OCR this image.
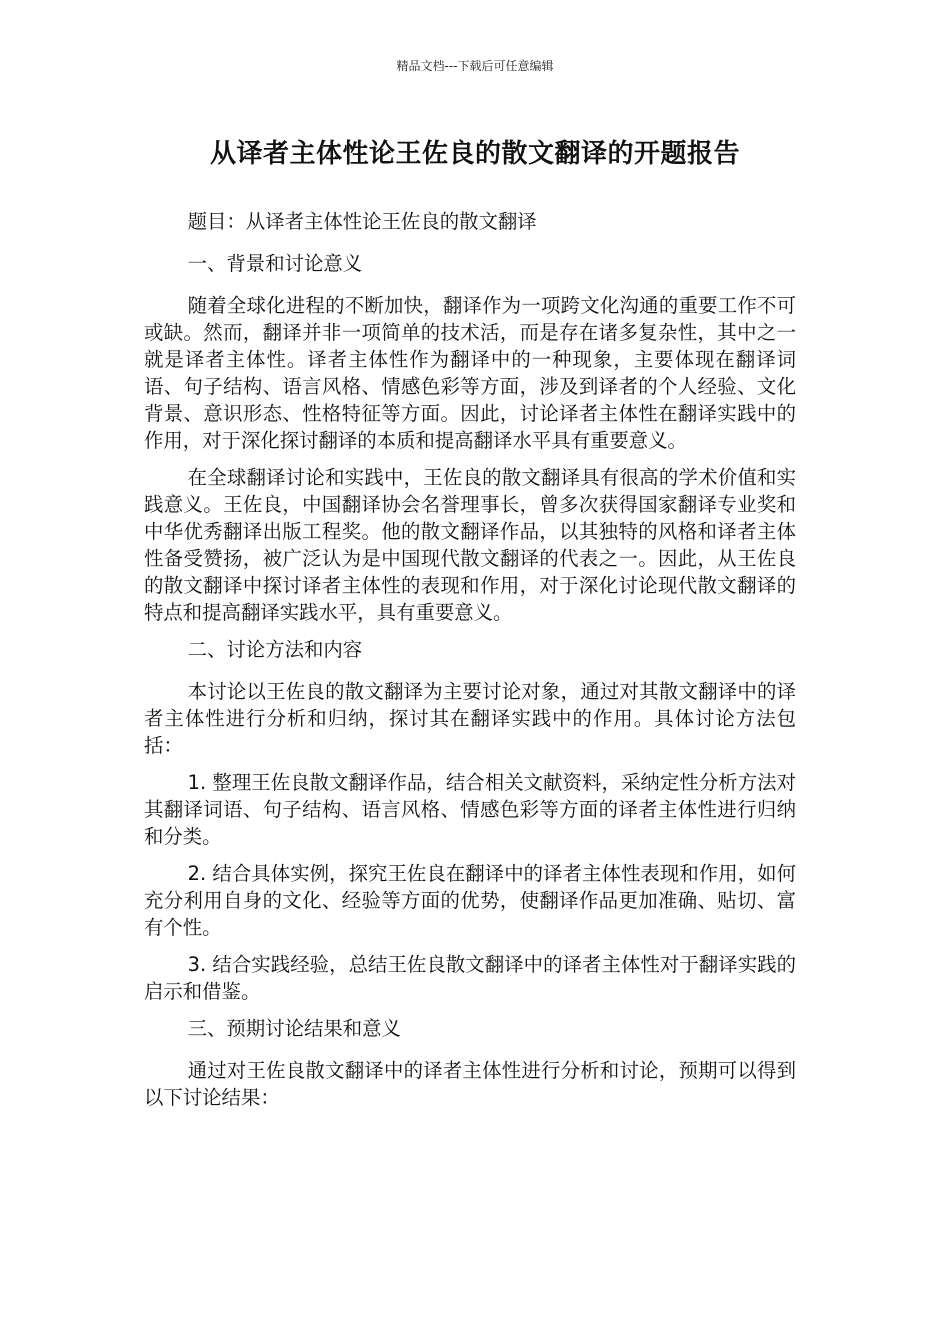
精品文档---下载后可任意编辑
从译者主体性论王佐良的散文翻译的开题报告

题目：从译者主体性论王佐良的散文翻译

一、背景和讨论意义

随着全球化进程的不断加快，翻译作为一项跨文化沟通的重要工作不可或缺。然而，翻译并非一项简单的技术活，而是存在诸多复杂性，其中之一就是译者主体性。译者主体性作为翻译中的一种现象，主要体现在翻译词语、句子结构、语言风格、情感色彩等方面，涉及到译者的个人经验、文化背景、意识形态、性格特征等方面。因此，讨论译者主体性在翻译实践中的作用，对于深化探讨翻译的本质和提高翻译水平具有重要意义。

在全球翻译讨论和实践中，王佐良的散文翻译具有很高的学术价值和实践意义。王佐良，中国翻译协会名誉理事长，曾多次获得国家翻译专业奖和中华优秀翻译出版工程奖。他的散文翻译作品，以其独特的风格和译者主体性备受赞扬，被广泛认为是中国现代散文翻译的代表之一。因此，从王佐良的散文翻译中探讨译者主体性的表现和作用，对于深化讨论现代散文翻译的特点和提高翻译实践水平，具有重要意义。

二、讨论方法和内容

本讨论以王佐良的散文翻译为主要讨论对象，通过对其散文翻译中的译者主体性进行分析和归纳，探讨其在翻译实践中的作用。具体讨论方法包括：

1. 整理王佐良散文翻译作品，结合相关文献资料，采纳定性分析方法对其翻译词语、句子结构、语言风格、情感色彩等方面的译者主体性进行归纳和分类。

2. 结合具体实例，探究王佐良在翻译中的译者主体性表现和作用，如何充分利用自身的文化、经验等方面的优势，使翻译作品更加准确、贴切、富有个性。

3. 结合实践经验，总结王佐良散文翻译中的译者主体性对于翻译实践的启示和借鉴。

三、预期讨论结果和意义

通过对王佐良散文翻译中的译者主体性进行分析和讨论，预期可以得到以下讨论结果：
